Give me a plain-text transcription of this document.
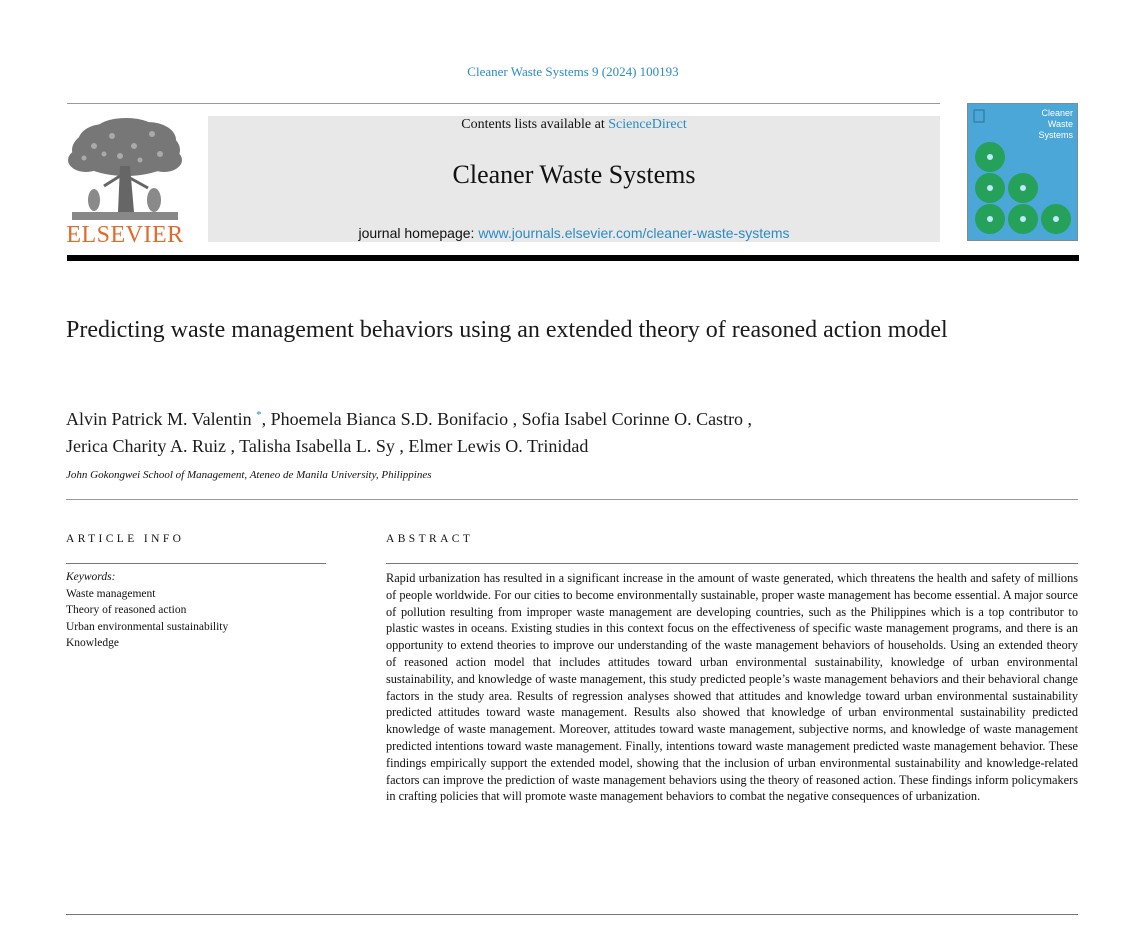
Cleaner Waste Systems 9 (2024) 100193
ELSEVIER
Contents lists available at ScienceDirect
Cleaner Waste Systems
journal homepage: www.journals.elsevier.com/cleaner-waste-systems
Cleaner
Waste
Systems
Predicting waste management behaviors using an extended theory of reasoned action model
Alvin Patrick M. Valentin *, Phoemela Bianca S.D. Bonifacio , Sofia Isabel Corinne O. Castro ,
Jerica Charity A. Ruiz , Talisha Isabella L. Sy , Elmer Lewis O. Trinidad
John Gokongwei School of Management, Ateneo de Manila University, Philippines
ARTICLE INFO
Keywords:
Waste management
Theory of reasoned action
Urban environmental sustainability
Knowledge
ABSTRACT
Rapid urbanization has resulted in a significant increase in the amount of waste generated, which threatens the health and safety of millions of people worldwide. For our cities to become environmentally sustainable, proper waste management has become essential. A major source of pollution resulting from improper waste management are developing countries, such as the Philippines which is a top contributor to plastic wastes in oceans. Existing studies in this context focus on the effectiveness of specific waste management programs, and there is an opportunity to extend theories to improve our understanding of the waste management behaviors of households. Using an extended theory of reasoned action model that includes attitudes toward urban environmental sustainability, knowledge of urban environmental sustainability, and knowledge of waste management, this study predicted people’s waste management behaviors and their behavioral change factors in the study area. Results of regression analyses showed that attitudes and knowledge toward urban environmental sustainability predicted attitudes toward waste management. Results also showed that knowledge of urban environmental sustainability predicted knowledge of waste management. Moreover, attitudes toward waste management, subjective norms, and knowledge of waste management predicted intentions toward waste management. Finally, intentions toward waste management predicted waste management behavior. These findings empirically support the extended model, showing that the inclusion of urban environmental sustainability and knowledge-related factors can improve the prediction of waste management behaviors using the theory of reasoned action. These findings inform policymakers in crafting policies that will promote waste management behaviors to combat the negative consequences of urbanization.
